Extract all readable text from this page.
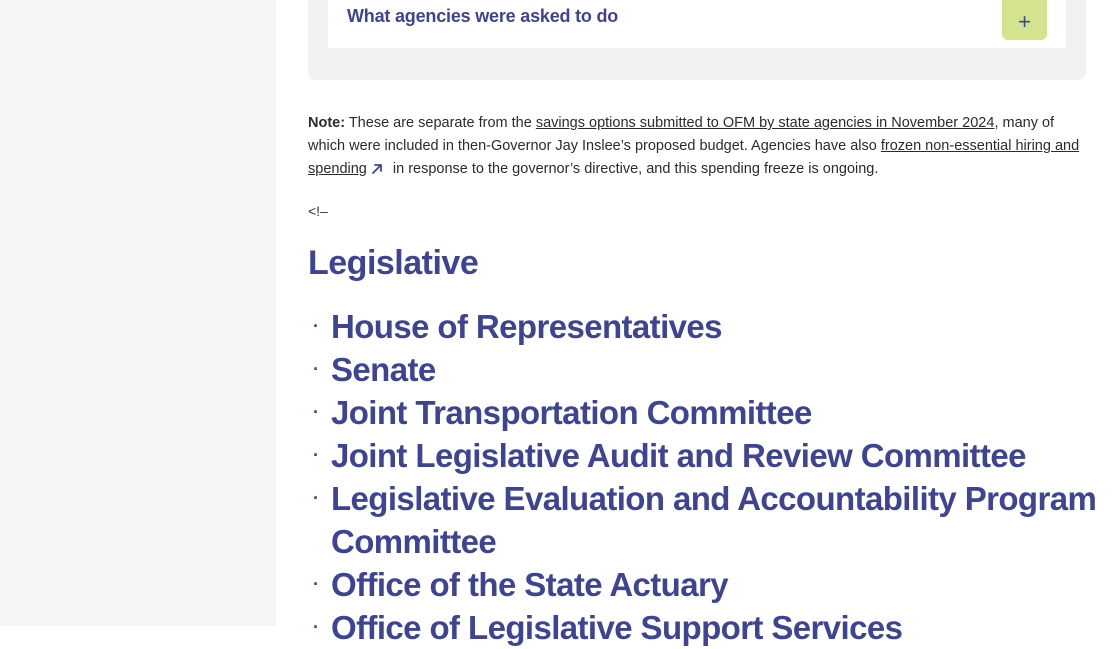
What agencies were asked to do	+

Note: These are separate from the savings options submitted to OFM by state agencies in November 2024, many of which were included in then-Governor Jay Inslee’s proposed budget. Agencies have also frozen non-essential hiring and spending in response to the governor’s directive, and this spending freeze is ongoing.

<!–
Legislative
· House of Representatives
· Senate
· Joint Transportation Committee
· Joint Legislative Audit and Review Committee
· Legislative Evaluation and Accountability Program Committee
· Office of the State Actuary
· Office of Legislative Support Services
